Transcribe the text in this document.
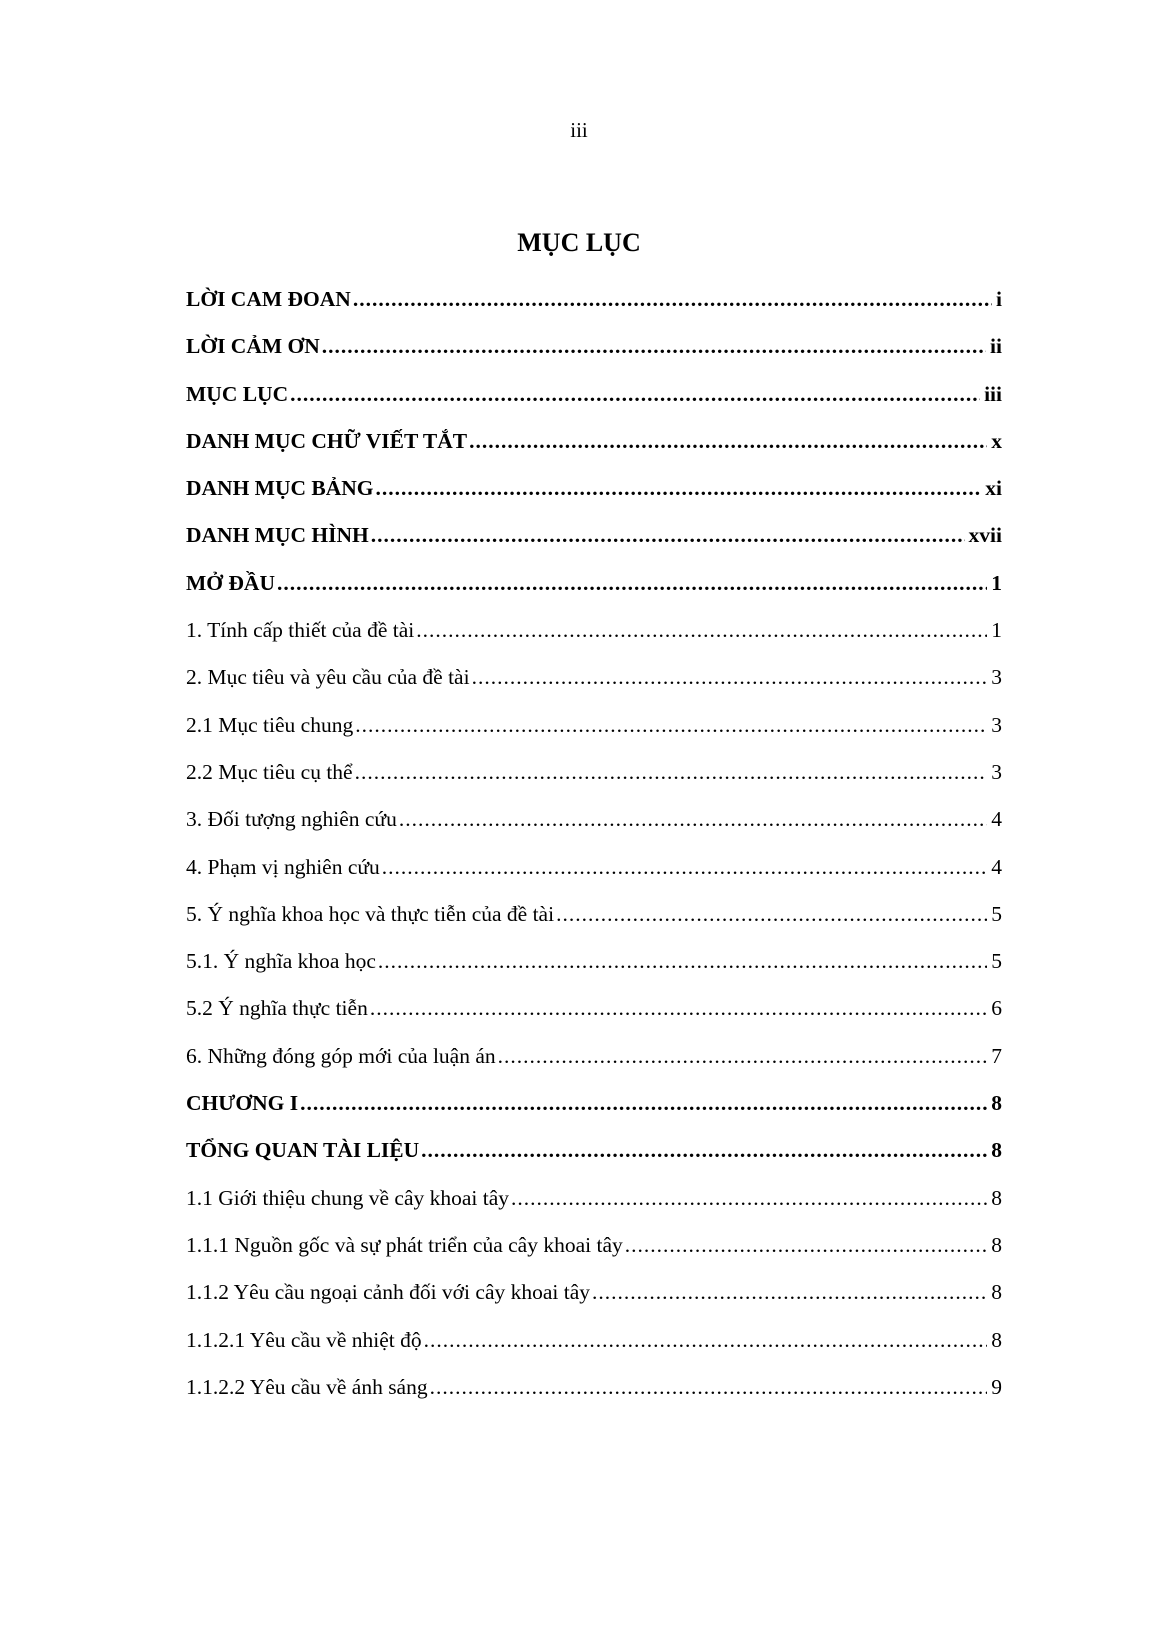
iii
MỤC LỤC
LỜI CAM ĐOAN .....	i
LỜI CẢM ƠN .....	ii
MỤC LỤC .....	iii
DANH MỤC CHỮ VIẾT TẮT .....	x
DANH MỤC BẢNG .....	xi
DANH MỤC HÌNH .....	xvii
MỞ ĐẦU .....	1
1. Tính cấp thiết của đề tài .....	1
2. Mục tiêu và yêu cầu của đề tài .....	3
2.1 Mục tiêu chung .....	3
2.2 Mục tiêu cụ thể .....	3
3. Đối tượng nghiên cứu .....	4
4. Phạm vị nghiên cứu .....	4
5. Ý nghĩa khoa học và thực tiễn của đề tài .....	5
5.1. Ý nghĩa khoa học .....	5
5.2 Ý nghĩa thực tiễn .....	6
6. Những đóng góp mới của luận án .....	7
CHƯƠNG I .....	8
TỔNG QUAN TÀI LIỆU .....	8
1.1 Giới thiệu chung về cây khoai tây .....	8
1.1.1 Nguồn gốc và sự phát triển của cây khoai tây .....	8
1.1.2 Yêu cầu ngoại cảnh đối với cây khoai tây .....	8
1.1.2.1 Yêu cầu về nhiệt độ .....	8
1.1.2.2 Yêu cầu về ánh sáng .....	9
